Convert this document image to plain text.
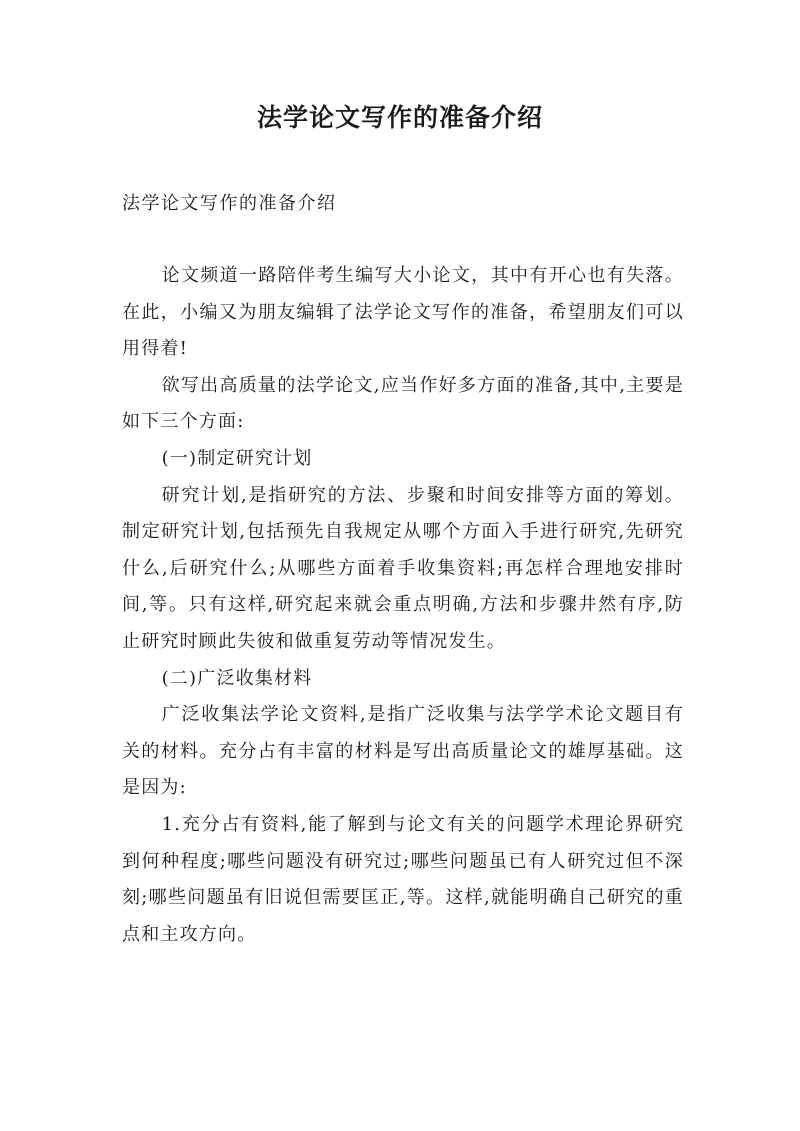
法学论文写作的准备介绍

法学论文写作的准备介绍

论文频道一路陪伴考生编写大小论文，其中有开心也有失落。在此，小编又为朋友编辑了法学论文写作的准备，希望朋友们可以用得着!

欲写出高质量的法学论文,应当作好多方面的准备,其中,主要是如下三个方面:

(一)制定研究计划

研究计划,是指研究的方法、步聚和时间安排等方面的筹划。制定研究计划,包括预先自我规定从哪个方面入手进行研究,先研究什么,后研究什么;从哪些方面着手收集资料;再怎样合理地安排时间,等。只有这样,研究起来就会重点明确,方法和步骤井然有序,防止研究时顾此失彼和做重复劳动等情况发生。

(二)广泛收集材料

广泛收集法学论文资料,是指广泛收集与法学学术论文题目有关的材料。充分占有丰富的材料是写出高质量论文的雄厚基础。这是因为:

1.充分占有资料,能了解到与论文有关的问题学术理论界研究到何种程度;哪些问题没有研究过;哪些问题虽已有人研究过但不深刻;哪些问题虽有旧说但需要匡正,等。这样,就能明确自己研究的重点和主攻方向。
